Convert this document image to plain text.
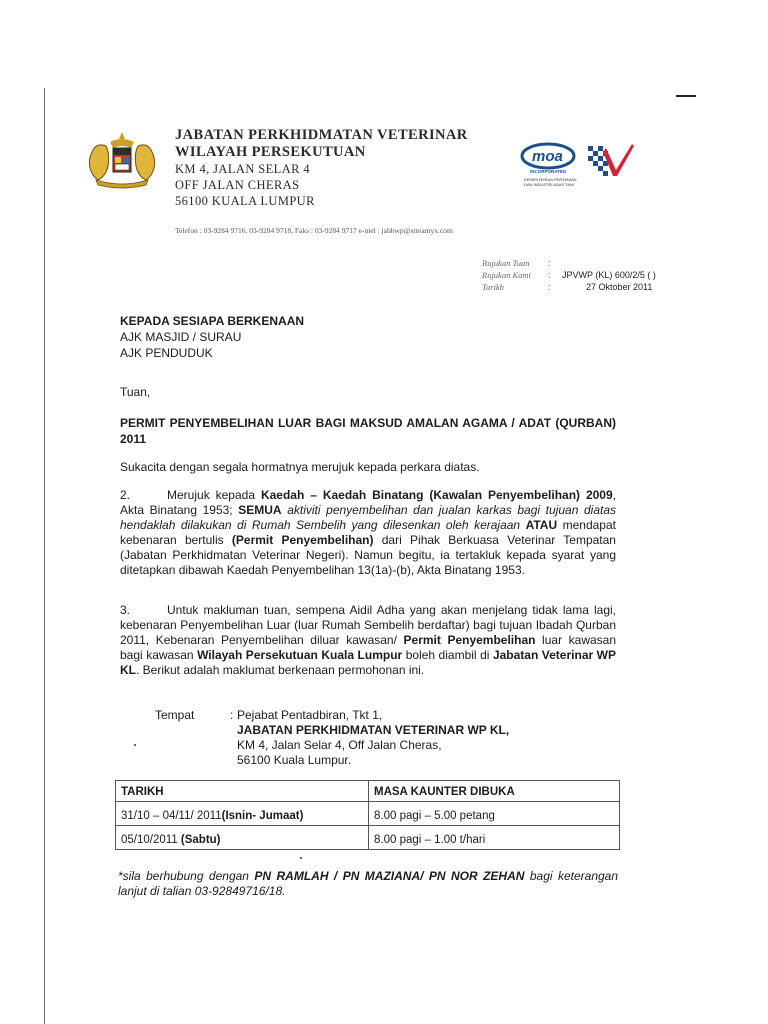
JABATAN PERKHIDMATAN VETERINAR
WILAYAH PERSEKUTUAN
KM 4, JALAN SELAR 4
OFF JALAN CHERAS
56100 KUALA LUMPUR
moa
INCORPORATED
KEMENTERIAN PERTANIAN
DAN INDUSTRI ASAS TANI
Telefon : 03-9284 9716, 03-9284 9718, Faks : 03-9284 9717 e-mel : jabhwp@streamyx.com
Rujukan Tuan	:
Rujukan Kami	:	JPVWP (KL) 600/2/5 ( )
Tarikh	:	27 Oktober 2011
KEPADA SESIAPA BERKENAAN
AJK MASJID / SURAU
AJK PENDUDUK
Tuan,
PERMIT PENYEMBELIHAN LUAR BAGI MAKSUD AMALAN AGAMA / ADAT (QURBAN) 2011
Sukacita dengan segala hormatnya merujuk kepada perkara diatas.
2.	Merujuk kepada Kaedah – Kaedah Binatang (Kawalan Penyembelihan) 2009, Akta Binatang 1953; SEMUA aktiviti penyembelihan dan jualan karkas bagi tujuan diatas hendaklah dilakukan di Rumah Sembelih yang dilesenkan oleh kerajaan ATAU mendapat kebenaran bertulis (Permit Penyembelihan) dari Pihak Berkuasa Veterinar Tempatan (Jabatan Perkhidmatan Veterinar Negeri). Namun begitu, ia tertakluk kepada syarat yang ditetapkan dibawah Kaedah Penyembelihan 13(1a)-(b), Akta Binatang 1953.
3.	Untuk makluman tuan, sempena Aidil Adha yang akan menjelang tidak lama lagi, kebenaran Penyembelihan Luar (luar Rumah Sembelih berdaftar) bagi tujuan Ibadah Qurban 2011, Kebenaran Penyembelihan diluar kawasan/ Permit Penyembelihan luar kawasan bagi kawasan Wilayah Persekutuan Kuala Lumpur boleh diambil di Jabatan Veterinar WP KL. Berikut adalah maklumat berkenaan permohonan ini.
Tempat	: Pejabat Pentadbiran, Tkt 1,
JABATAN PERKHIDMATAN VETERINAR WP KL,
KM 4, Jalan Selar 4, Off Jalan Cheras,
56100 Kuala Lumpur.
TARIKH	MASA KAUNTER DIBUKA
31/10 – 04/11/ 2011(Isnin- Jumaat)	8.00 pagi – 5.00 petang
05/10/2011 (Sabtu)	8.00 pagi – 1.00 t/hari
*sila berhubung dengan PN RAMLAH / PN MAZIANA/ PN NOR ZEHAN bagi keterangan lanjut di talian 03-92849716/18.
